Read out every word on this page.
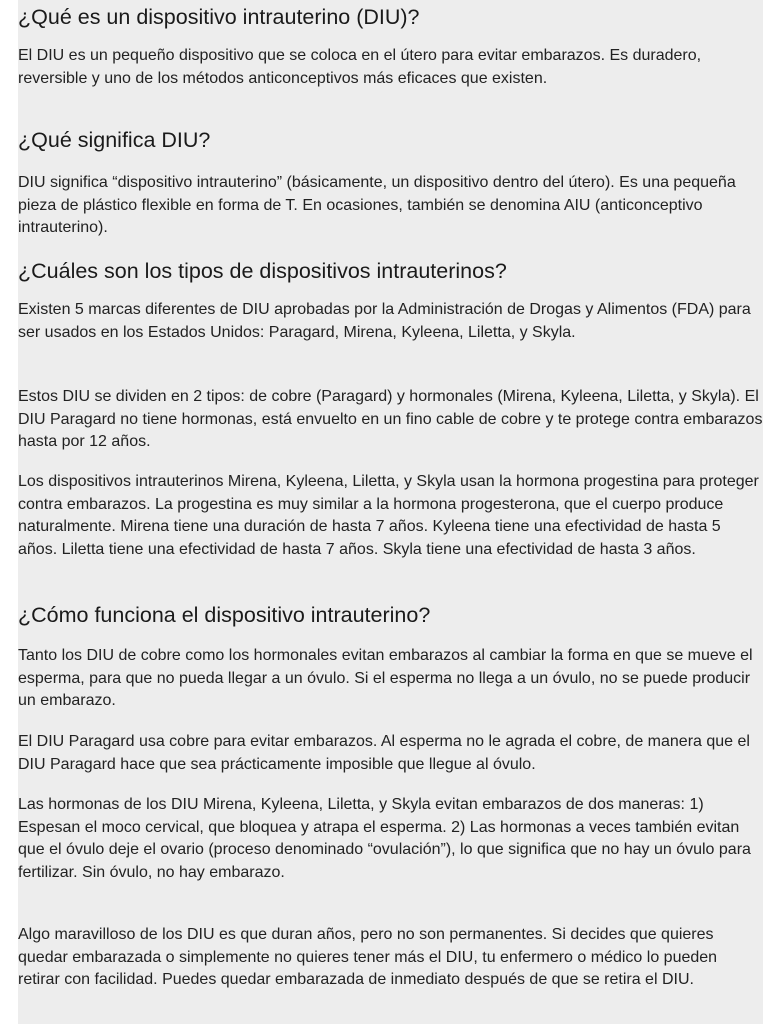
¿Qué es un dispositivo intrauterino (DIU)?

El DIU es un pequeño dispositivo que se coloca en el útero para evitar embarazos. Es duradero, reversible y uno de los métodos anticonceptivos más eficaces que existen.

¿Qué significa DIU?

DIU significa “dispositivo intrauterino” (básicamente, un dispositivo dentro del útero). Es una pequeña pieza de plástico flexible en forma de T. En ocasiones, también se denomina AIU (anticonceptivo intrauterino).

¿Cuáles son los tipos de dispositivos intrauterinos?

Existen 5 marcas diferentes de DIU aprobadas por la Administración de Drogas y Alimentos (FDA) para ser usados en los Estados Unidos: Paragard, Mirena, Kyleena, Liletta, y Skyla.

Estos DIU se dividen en 2 tipos: de cobre (Paragard) y hormonales (Mirena, Kyleena, Liletta, y Skyla). El DIU Paragard no tiene hormonas, está envuelto en un fino cable de cobre y te protege contra embarazos hasta por 12 años.

Los dispositivos intrauterinos Mirena, Kyleena, Liletta, y Skyla usan la hormona progestina para proteger contra embarazos. La progestina es muy similar a la hormona progesterona, que el cuerpo produce naturalmente. Mirena tiene una duración de hasta 7 años. Kyleena tiene una efectividad de hasta 5 años. Liletta tiene una efectividad de hasta 7 años. Skyla tiene una efectividad de hasta 3 años.

¿Cómo funciona el dispositivo intrauterino?

Tanto los DIU de cobre como los hormonales evitan embarazos al cambiar la forma en que se mueve el esperma, para que no pueda llegar a un óvulo. Si el esperma no llega a un óvulo, no se puede producir un embarazo.

El DIU Paragard usa cobre para evitar embarazos. Al esperma no le agrada el cobre, de manera que el DIU Paragard hace que sea prácticamente imposible que llegue al óvulo.

Las hormonas de los DIU Mirena, Kyleena, Liletta, y Skyla evitan embarazos de dos maneras: 1) Espesan el moco cervical, que bloquea y atrapa el esperma. 2) Las hormonas a veces también evitan que el óvulo deje el ovario (proceso denominado “ovulación”), lo que significa que no hay un óvulo para fertilizar. Sin óvulo, no hay embarazo.

Algo maravilloso de los DIU es que duran años, pero no son permanentes. Si decides que quieres quedar embarazada o simplemente no quieres tener más el DIU, tu enfermero o médico lo pueden retirar con facilidad. Puedes quedar embarazada de inmediato después de que se retira el DIU.
